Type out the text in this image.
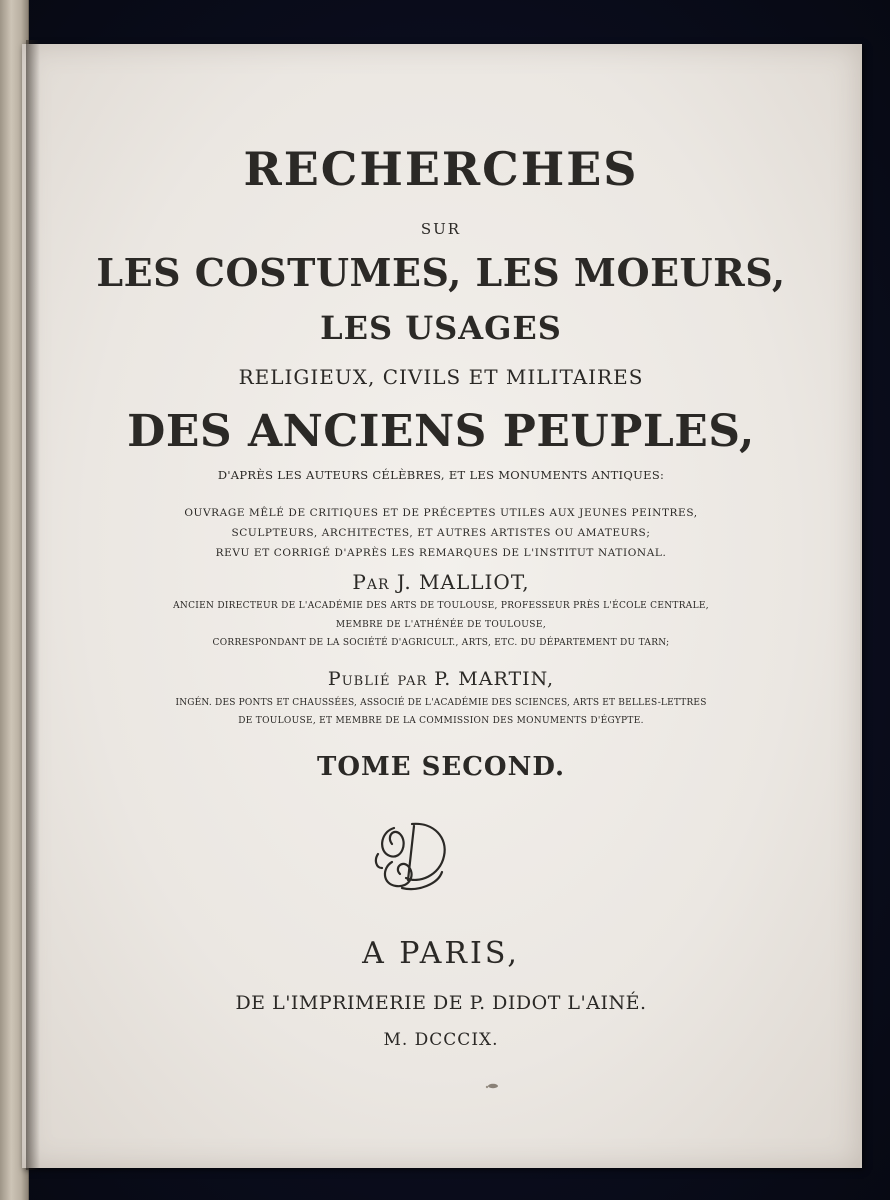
RECHERCHES
SUR
LES COSTUMES, LES MOEURS,
LES USAGES
RELIGIEUX, CIVILS ET MILITAIRES
DES ANCIENS PEUPLES,
D'APRÈS LES AUTEURS CÉLÈBRES, ET LES MONUMENTS ANTIQUES:
OUVRAGE MÊLÉ DE CRITIQUES ET DE PRÉCEPTES UTILES AUX JEUNES PEINTRES,
SCULPTEURS, ARCHITECTES, ET AUTRES ARTISTES OU AMATEURS;
REVU ET CORRIGÉ D'APRÈS LES REMARQUES DE L'INSTITUT NATIONAL.
Par J. MALLIOT,
ANCIEN DIRECTEUR DE L'ACADÉMIE DES ARTS DE TOULOUSE, PROFESSEUR PRÈS L'ÉCOLE CENTRALE,
MEMBRE DE L'ATHÉNÉE DE TOULOUSE,
CORRESPONDANT DE LA SOCIÉTÉ D'AGRICULT., ARTS, ETC. DU DÉPARTEMENT DU TARN;
Publié par P. MARTIN,
INGÉN. DES PONTS ET CHAUSSÉES, ASSOCIÉ DE L'ACADÉMIE DES SCIENCES, ARTS ET BELLES-LETTRES
DE TOULOUSE, ET MEMBRE DE LA COMMISSION DES MONUMENTS D'ÉGYPTE.
TOME SECOND.
A PARIS,
DE L'IMPRIMERIE DE P. DIDOT L'AINÉ.
M. DCCCIX.
